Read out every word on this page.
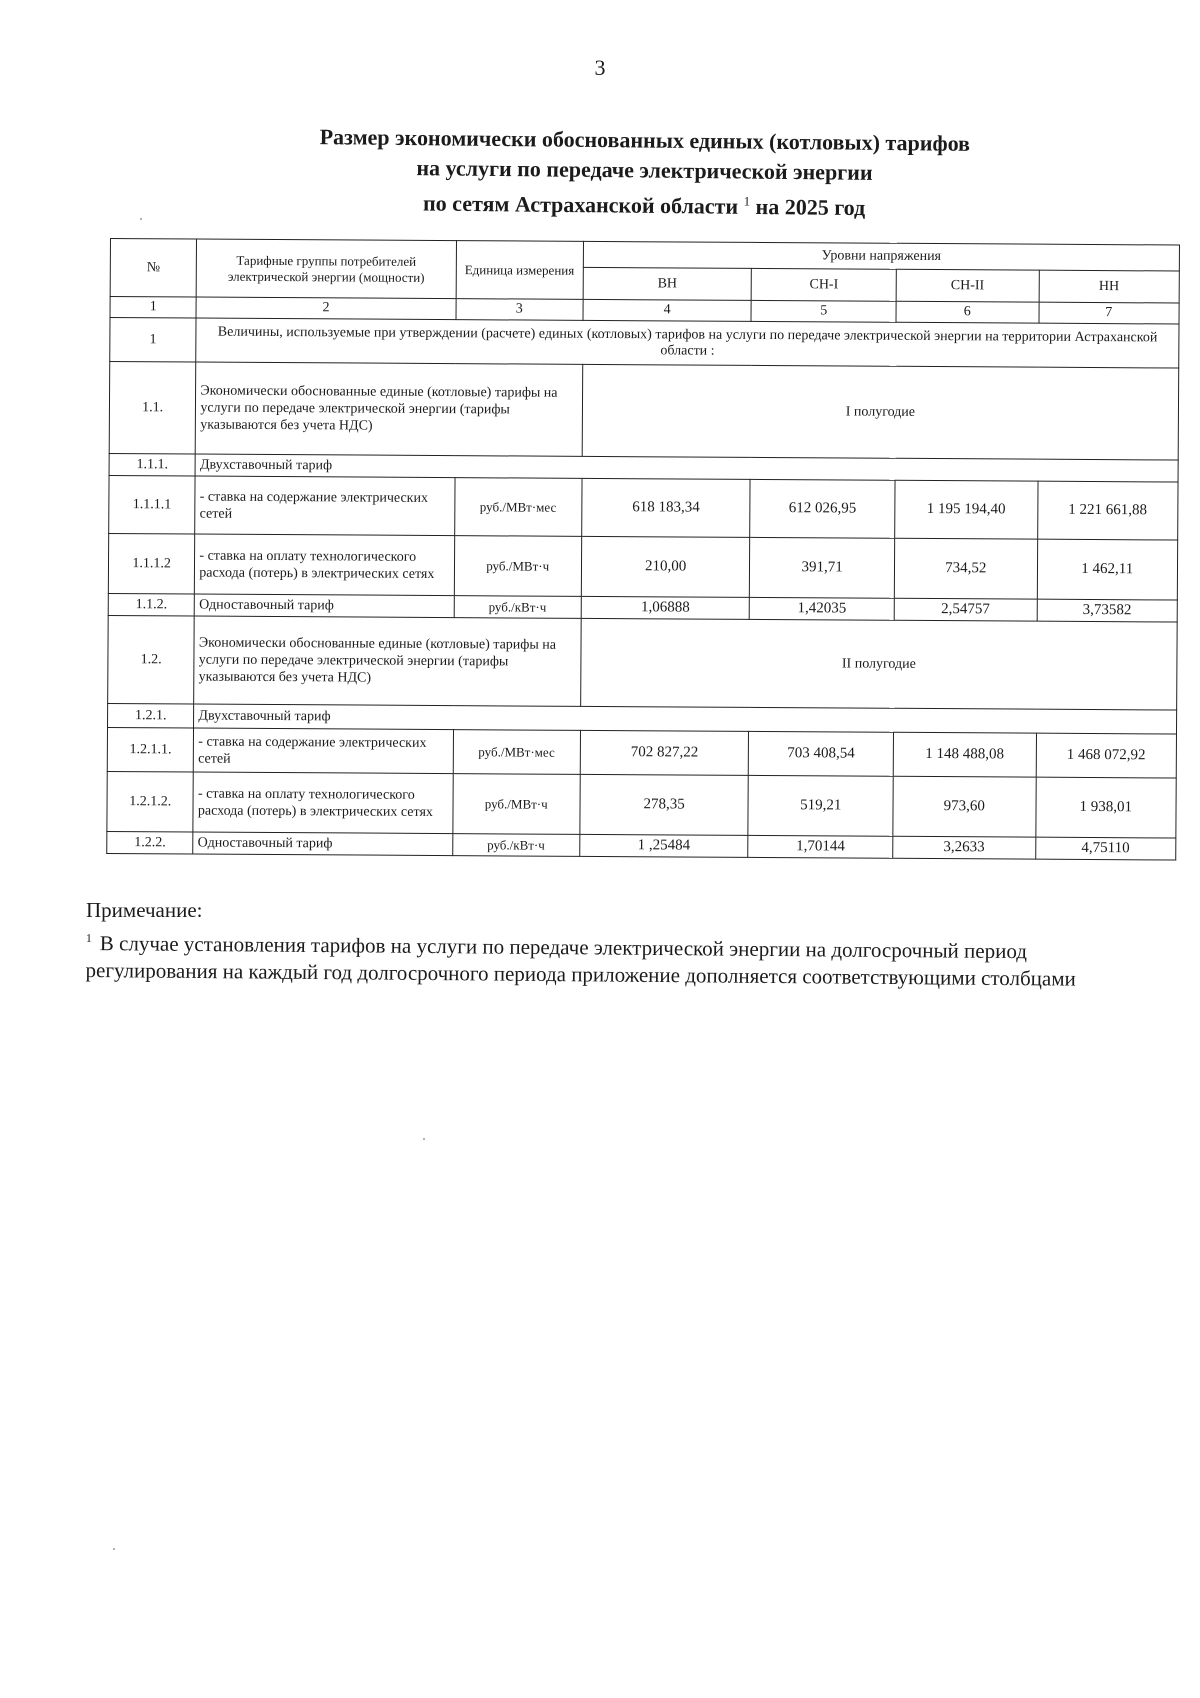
3
Размер экономически обоснованных единых (котловых) тарифов
на услуги по передаче электрической энергии
по сетям Астраханской области $^1$ на 2025 год
№	Тарифные группы потребителей электрической энергии (мощности)	Единица измерения	Уровни напряжения			
			ВН	СН-I	СН-II	НН
1	2	3	4	5	6	7
1	Величины, используемые при утверждении (расчете) единых (котловых) тарифов на услуги по передаче электрической энергии на территории Астраханской области :					
1.1.	Экономически обоснованные единые (котловые) тарифы на услуги по передаче электрической энергии (тарифы указываются без учета НДС)		I полугодие			
1.1.1.	Двухставочный тариф					
1.1.1.1	- ставка на содержание электрических сетей	руб./МВт·мес	618 183,34	612 026,95	1 195 194,40	1 221 661,88
1.1.1.2	- ставка на оплату технологического расхода (потерь) в электрических сетях	руб./МВт·ч	210,00	391,71	734,52	1 462,11
1.1.2.	Одноставочный тариф	руб./кВт·ч	1,06888	1,42035	2,54757	3,73582
1.2.	Экономически обоснованные единые (котловые) тарифы на услуги по передаче электрической энергии (тарифы указываются без учета НДС)		II полугодие			
1.2.1.	Двухставочный тариф					
1.2.1.1.	- ставка на содержание электрических сетей	руб./МВт·мес	702 827,22	703 408,54	1 148 488,08	1 468 072,92
1.2.1.2.	- ставка на оплату технологического расхода (потерь) в электрических сетях	руб./МВт·ч	278,35	519,21	973,60	1 938,01
1.2.2.	Одноставочный тариф	руб./кВт·ч	1 ,25484	1,70144	3,2633	4,75110
Примечание:
$^1$ В случае установления тарифов на услуги по передаче электрической энергии на долгосрочный период регулирования на каждый год долгосрочного периода приложение дополняется соответствующими столбцами
